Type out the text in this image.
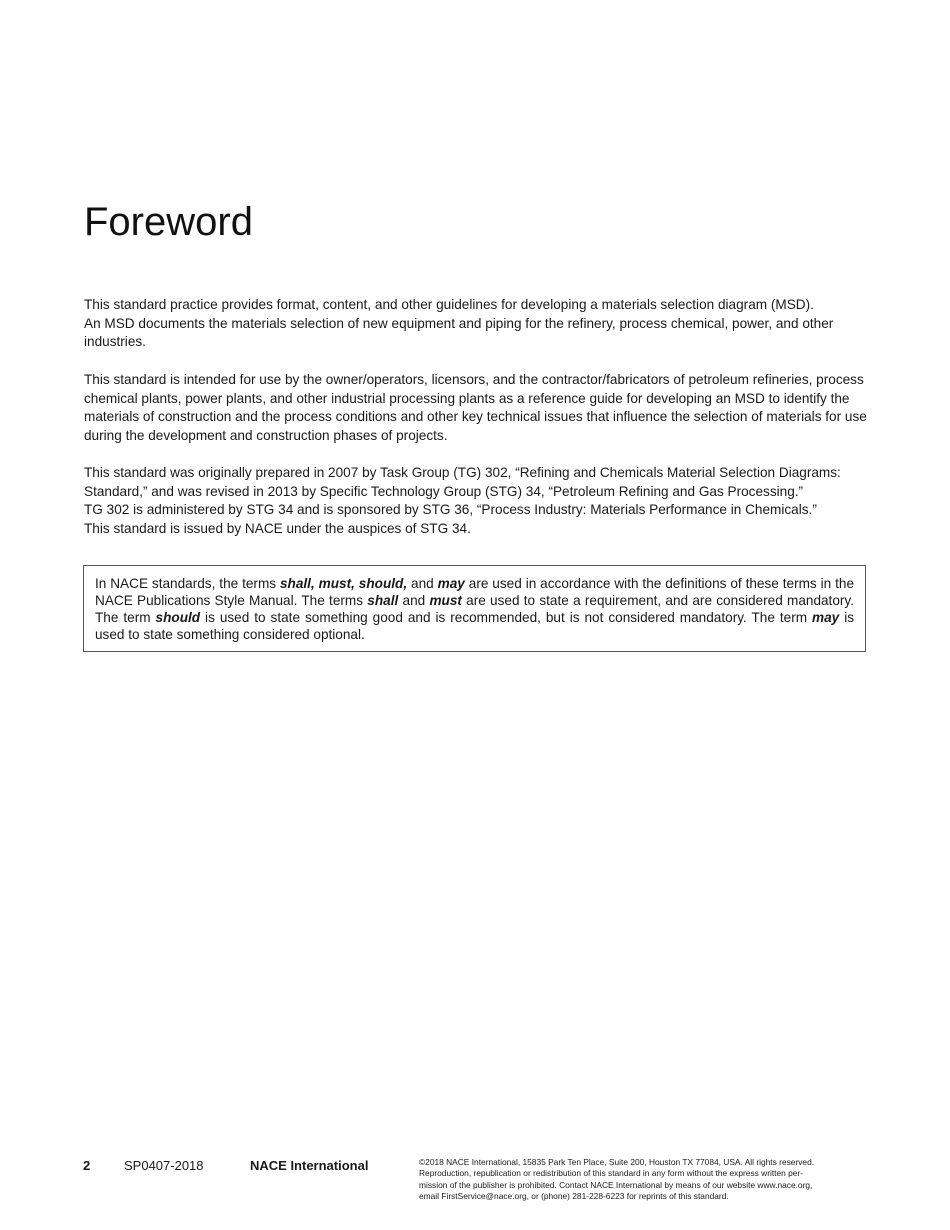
Foreword

This standard practice provides format, content, and other guidelines for developing a materials selection diagram (MSD).
An MSD documents the materials selection of new equipment and piping for the refinery, process chemical, power, and other industries.

This standard is intended for use by the owner/operators, licensors, and the contractor/fabricators of petroleum refineries, process chemical plants, power plants, and other industrial processing plants as a reference guide for developing an MSD to identify the materials of construction and the process conditions and other key technical issues that influence the selection of materials for use during the development and construction phases of projects.

This standard was originally prepared in 2007 by Task Group (TG) 302, “Refining and Chemicals Material Selection Diagrams: Standard,” and was revised in 2013 by Specific Technology Group (STG) 34, “Petroleum Refining and Gas Processing.”
TG 302 is administered by STG 34 and is sponsored by STG 36, “Process Industry: Materials Performance in Chemicals.”
This standard is issued by NACE under the auspices of STG 34.

In NACE standards, the terms shall, must, should, and may are used in accordance with the definitions of these terms in the NACE Publications Style Manual. The terms shall and must are used to state a requirement, and are considered mandatory. The term should is used to state something good and is recommended, but is not considered mandatory. The term may is used to state something considered optional.
2	SP0407-2018	NACE International	©2018 NACE International, 15835 Park Ten Place, Suite 200, Houston TX 77084, USA. All rights reserved.
Reproduction, republication or redistribution of this standard in any form without the express written per-
mission of the publisher is prohibited. Contact NACE International by means of our website www.nace.org,
email FirstService@nace.org, or (phone) 281-228-6223 for reprints of this standard.
